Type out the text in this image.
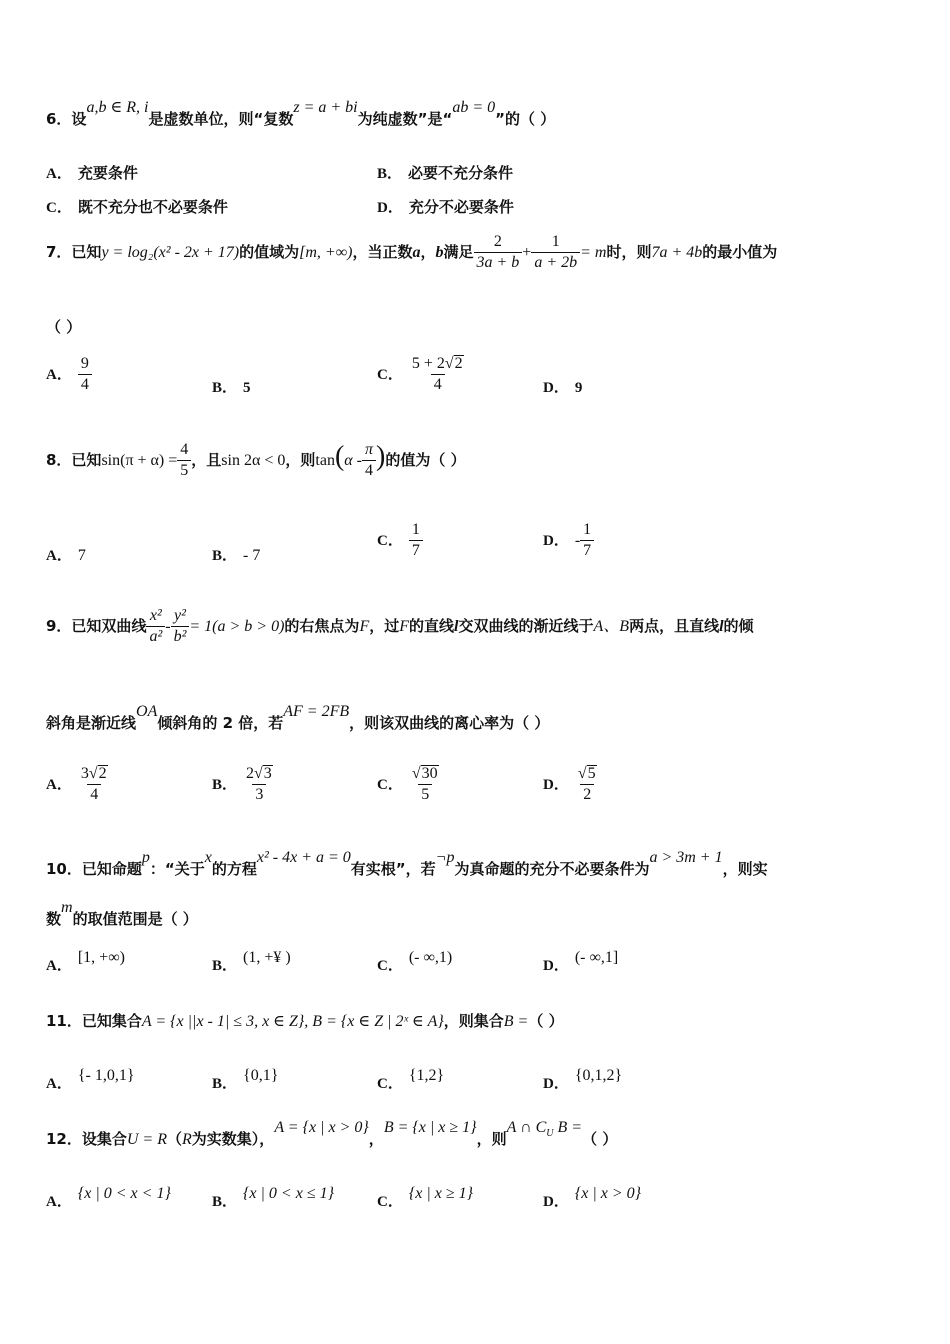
6．设a,b ∈ R, i是虚数单位，则“复数z = a + bi为纯虚数”是“ab = 0”的（ ）
A． 充要条件	B． 必要不充分条件
C． 既不充分也不必要条件	D． 充分不必要条件
7．已知y = log₂(x² - 2x + 17)的值域为[m, +∞)，当正数a，b满足 $\frac{2}{3a + b} + \frac{1}{a + 2b} = m$时，则7a + 4b的最小值为
（ ）
A． $\frac{9}{4}$	B． 5
C． $\frac{5 + 2√2}{4}$	D． 9
8．已知$\sin(\pi + \alpha) = \frac{4}{5}$ ，且sin 2α < 0，则$\tan(\alpha - \frac{\pi}{4}$ )的值为（ ）
A． 7	B． - 7
C． $\frac{1}{7}$	D． - $\frac{1}{7}$
9．已知双曲线 $\frac{\text{x²}}{\text{a²}} - \frac{\text{y²}}{\text{b²}} = 1(a > b > 0)$的右焦点为F，过F的直线l交双曲线的渐近线于A、B两点，且直线l的倾
斜角是渐近线OA倾斜角的 2 倍，若AF = 2FB，则该双曲线的离心率为（ ）
A． $\frac{3√2}{4}$	B． $\frac{2√3}{3}$	C． $\frac{√30}{5}$	D． $\frac{√5}{2}$
10．已知命题p：“关于x的方程x² - 4x + a = 0有实根”，若¬p为真命题的充分不必要条件为a > 3m + 1，则实
数m的取值范围是（ ）
A． [1, +∞)	B． (1, +¥ )	C． (- ∞,1)	D． (- ∞,1]
11．已知集合A = {x ||x - 1| ≤ 3, x ∈ Z}, B = {x ∈ Z | 2ˣ ∈ A}，则集合B =（ ）
A． {- 1,0,1}	B． {0,1}	C． {1,2}	D． {0,1,2}
12．设集合U = R（R为实数集），A = {x | x > 0}，B = {x | x ≥ 1}，则A ∩ $C_U$ B =（ ）
A． {x | 0 < x < 1}	B． {x | 0 < x ≤ 1}	C． {x | x ≥ 1}	D． {x | x > 0}
